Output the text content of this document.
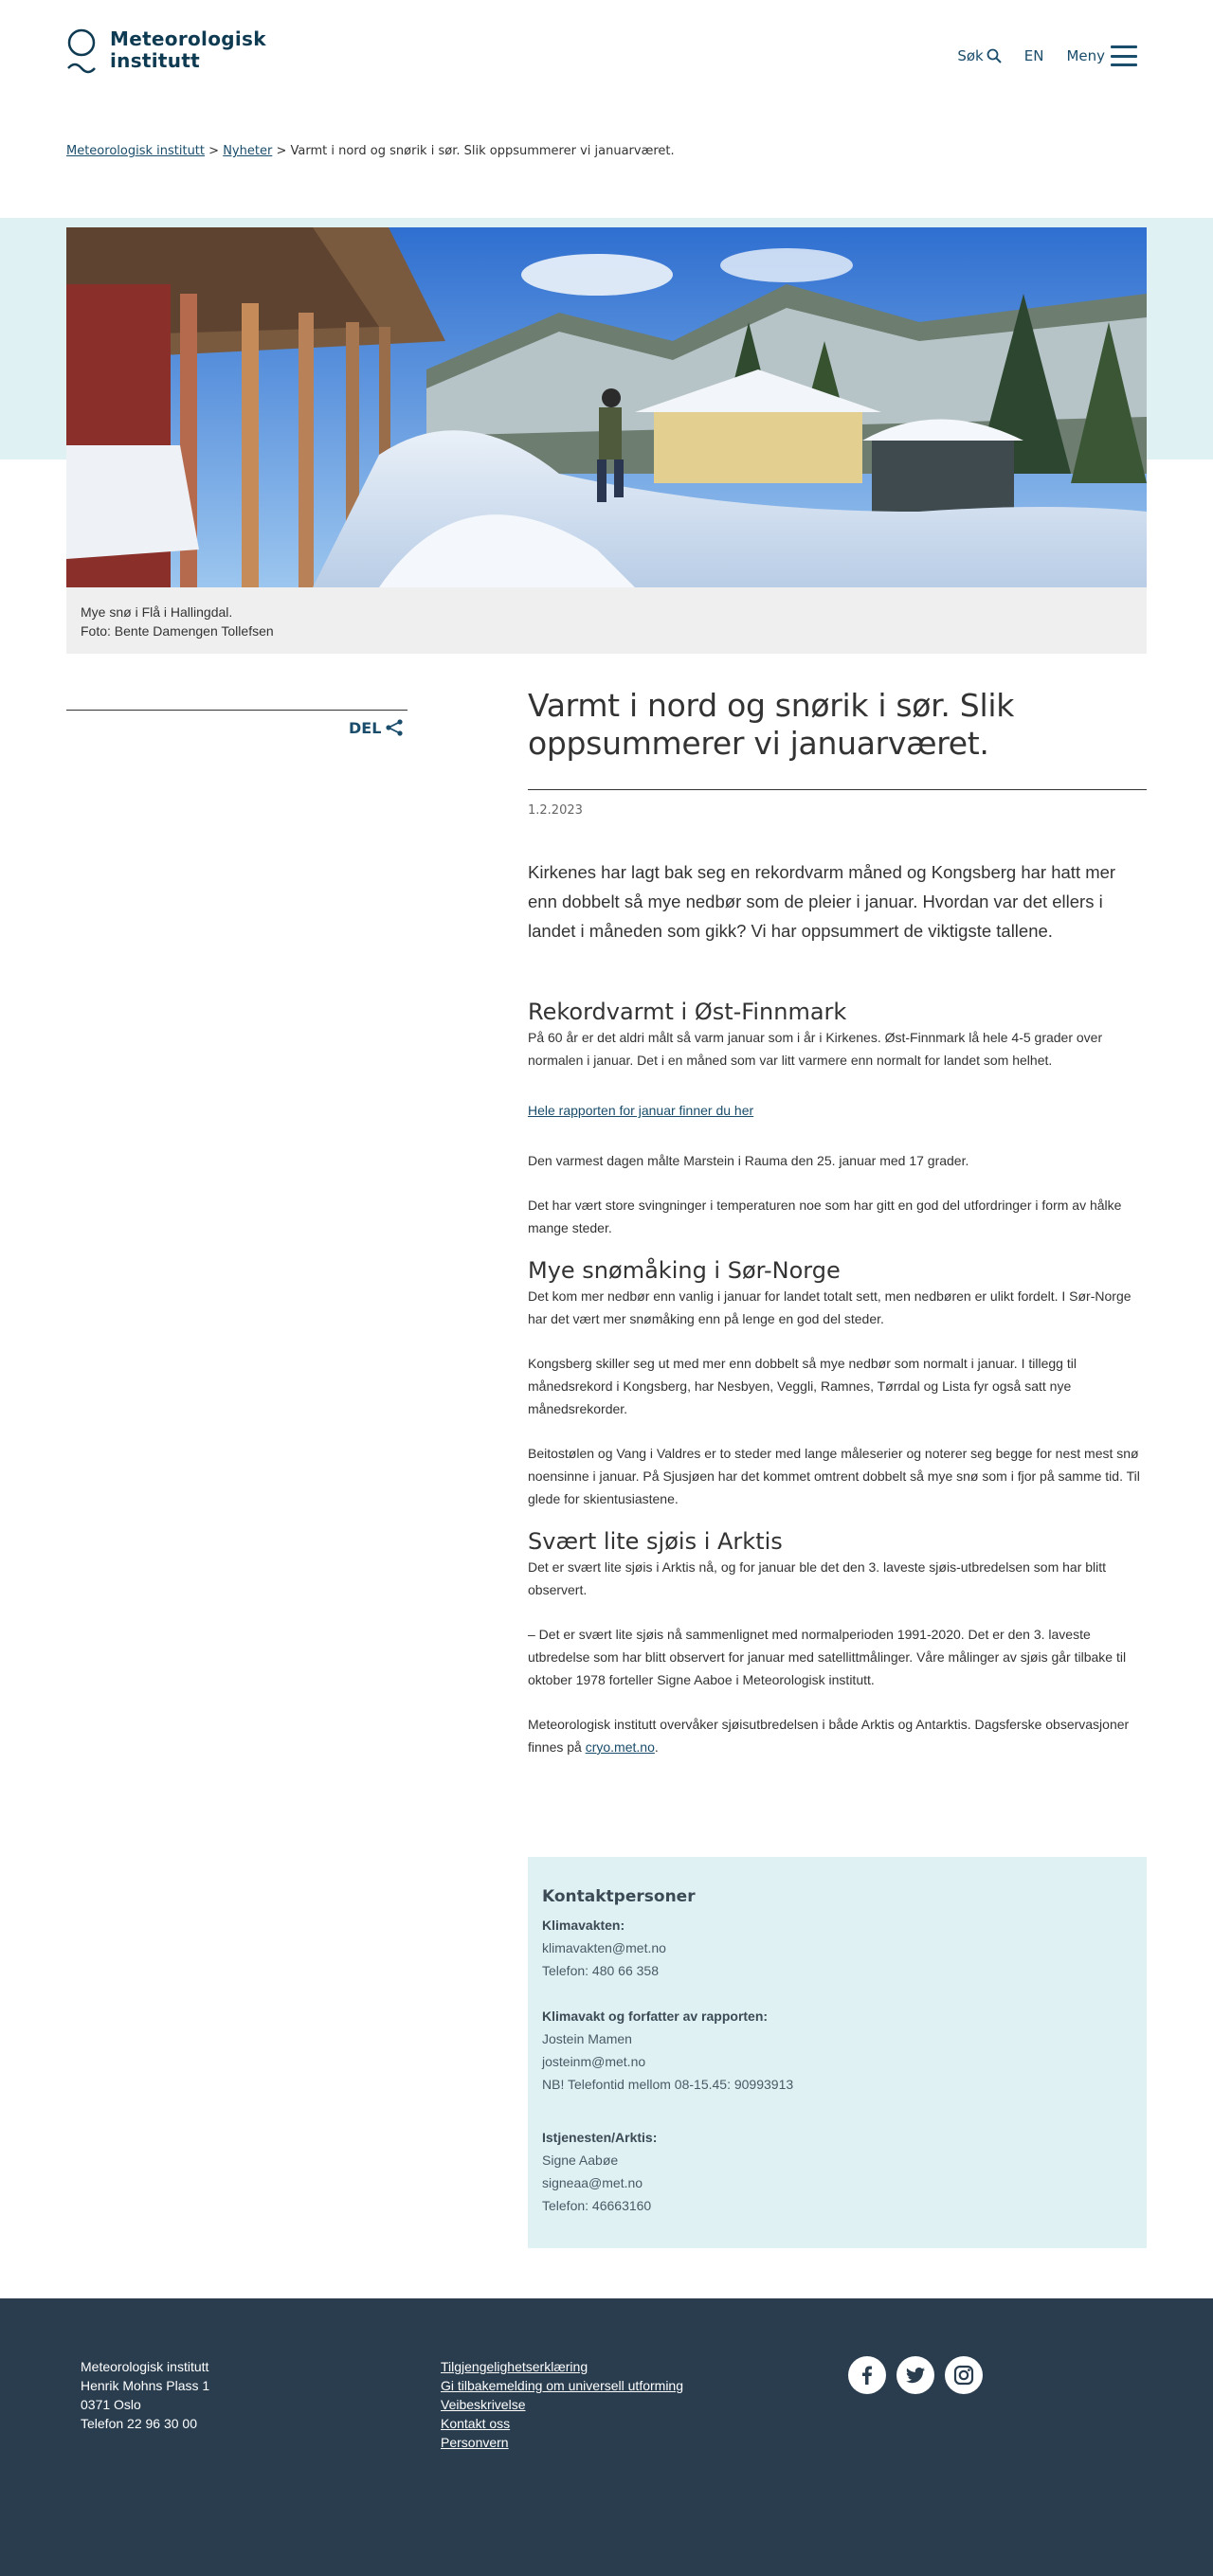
Meteorologisk
institutt	Søk	EN Meny
Meteorologisk institutt > Nyheter > Varmt i nord og snørik i sør. Slik oppsummerer vi januarværet.
Mye snø i Flå i Hallingdal.
Foto: Bente Damengen Tollefsen
DEL
Varmt i nord og snørik i sør. Slik oppsummerer vi januarværet.
1.2.2023
Kirkenes har lagt bak seg en rekordvarm måned og Kongsberg har hatt mer enn dobbelt så mye nedbør som de pleier i januar. Hvordan var det ellers i landet i måneden som gikk? Vi har oppsummert de viktigste tallene.
Rekordvarmt i Øst-Finnmark

På 60 år er det aldri målt så varm januar som i år i Kirkenes. Øst-Finnmark lå hele 4-5 grader over normalen i januar. Det i en måned som var litt varmere enn normalt for landet som helhet.

Hele rapporten for januar finner du her

Den varmest dagen målte Marstein i Rauma den 25. januar med 17 grader.

Det har vært store svingninger i temperaturen noe som har gitt en god del utfordringer i form av hålke mange steder.

Mye snømåking i Sør-Norge

Det kom mer nedbør enn vanlig i januar for landet totalt sett, men nedbøren er ulikt fordelt. I Sør-Norge har det vært mer snømåking enn på lenge en god del steder.

Kongsberg skiller seg ut med mer enn dobbelt så mye nedbør som normalt i januar. I tillegg til månedsrekord i Kongsberg, har Nesbyen, Veggli, Ramnes, Tørrdal og Lista fyr også satt nye månedsrekorder.

Beitostølen og Vang i Valdres er to steder med lange måleserier og noterer seg begge for nest mest snø noensinne i januar. På Sjusjøen har det kommet omtrent dobbelt så mye snø som i fjor på samme tid. Til glede for skientusiastene.

Svært lite sjøis i Arktis

Det er svært lite sjøis i Arktis nå, og for januar ble det den 3. laveste sjøis-utbredelsen som har blitt observert.

– Det er svært lite sjøis nå sammenlignet med normalperioden 1991-2020. Det er den 3. laveste utbredelse som har blitt observert for januar med satellittmålinger. Våre målinger av sjøis går tilbake til oktober 1978 forteller Signe Aaboe i Meteorologisk institutt.

Meteorologisk institutt overvåker sjøisutbredelsen i både Arktis og Antarktis. Dagsferske observasjoner finnes på cryo.met.no.

Kontaktpersoner
Klimavakten:
klimavakten@met.no
Telefon: 480 66 358
Klimavakt og forfatter av rapporten:
Jostein Mamen
josteinm@met.no
NB! Telefontid mellom 08-15.45: 90993913
Istjenesten/Arktis:
Signe Aabøe
signeaa@met.no
Telefon: 46663160
Meteorologisk institutt
Henrik Mohns Plass 1
0371 Oslo
Telefon 22 96 30 00
Tilgjengelighetserklæring
Gi tilbakemelding om universell utforming
Veibeskrivelse
Kontakt oss
Personvern
